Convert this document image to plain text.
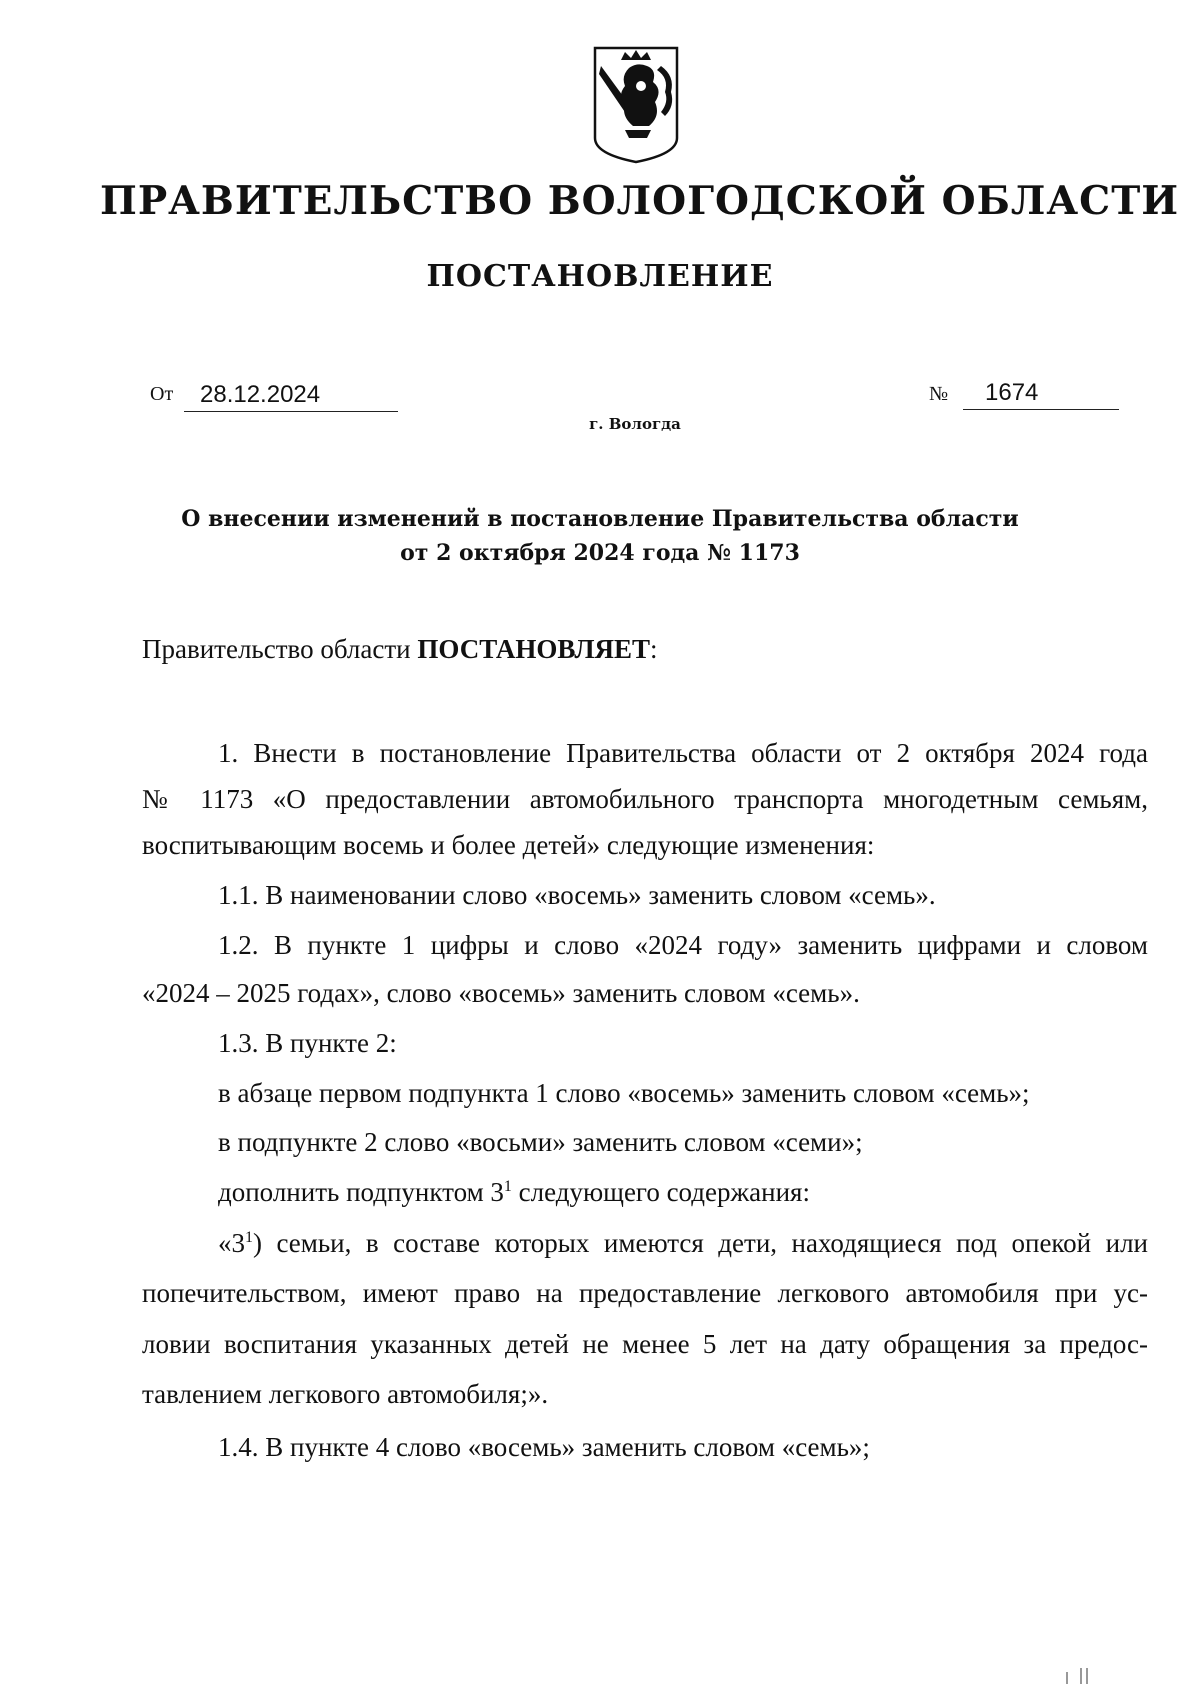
ПРАВИТЕЛЬСТВО ВОЛОГОДСКОЙ ОБЛАСТИ
ПОСТАНОВЛЕНИЕ
От 28.12.2024	№ 1674
г. Вологда
О внесении изменений в постановление Правительства области
от 2 октября 2024 года № 1173
Правительство области ПОСТАНОВЛЯЕТ:
1. Внести в постановление Правительства области от 2 октября 2024 года
№ 1173 «О предоставлении автомобильного транспорта многодетным семьям,
воспитывающим восемь и более детей» следующие изменения:
1.1. В наименовании слово «восемь» заменить словом «семь».
1.2. В пункте 1 цифры и слово «2024 году» заменить цифрами и словом
«2024 – 2025 годах», слово «восемь» заменить словом «семь».
1.3. В пункте 2:
в абзаце первом подпункта 1 слово «восемь» заменить словом «семь»;
в подпункте 2 слово «восьми» заменить словом «семи»;
дополнить подпунктом $3^1$ следующего содержания:
«$3^1$) семьи, в составе которых имеются дети, находящиеся под опекой или
попечительством, имеют право на предоставление легкового автомобиля при ус-
ловии воспитания указанных детей не менее 5 лет на дату обращения за предос-
тавлением легкового автомобиля;».
1.4. В пункте 4 слово «восемь» заменить словом «семь»;
